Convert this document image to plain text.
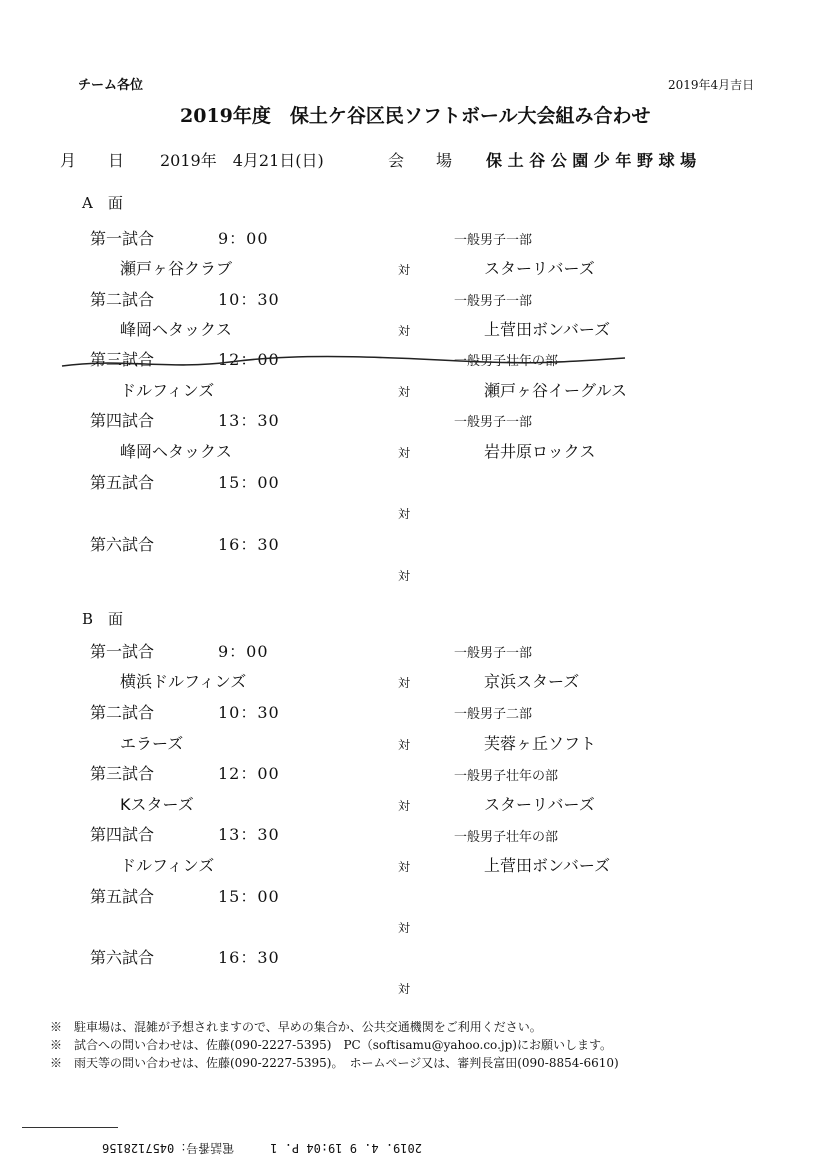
チーム各位	2019年4月吉日
2019年度　保土ケ谷区民ソフトボール大会組み合わせ
月　　日 2019年　4月21日(日)	会　　場 保 土 谷 公 園 少 年 野 球 場
A　面
第一試合	9：00	一般男子一部
瀬戸ヶ谷クラブ	対	スターリバーズ
第二試合	10：30	一般男子一部
峰岡ヘタックス	対	上菅田ボンバーズ
第三試合	12：00	一般男子壮年の部
ドルフィンズ	対	瀬戸ヶ谷イーグルス
第四試合	13：30	一般男子一部
峰岡ヘタックス	対	岩井原ロックス
第五試合	15：00
対
第六試合	16：30
対
B　面
第一試合	9：00	一般男子一部
横浜ドルフィンズ	対	京浜スターズ
第二試合	10：30	一般男子二部
エラーズ	対	芙蓉ヶ丘ソフト
第三試合	12：00	一般男子壮年の部
Kスターズ	対	スターリバーズ
第四試合	13：30	一般男子壮年の部
ドルフィンズ	対	上菅田ボンバーズ
第五試合	15：00
対
第六試合	16：30
対
※　駐車場は、混雑が予想されますので、早めの集合か、公共交通機関をご利用ください。
※　試合への問い合わせは、佐藤(090-2227-5395)　PC（softisamu@yahoo.co.jp)にお願いします。
※　雨天等の問い合わせは、佐藤(090-2227-5395)。　ホームページ又は、審判長富田(090-8854-6610)
2019. 4. 9 19:04 P. 1　　　電話番号：0457128156
